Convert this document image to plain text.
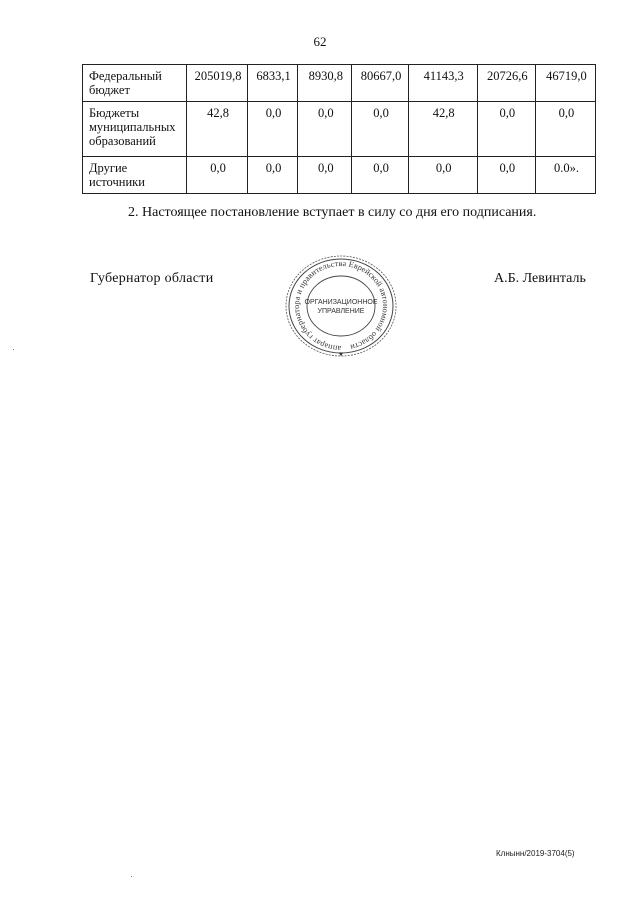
62
Федеральный бюджет	205019,8	6833,1	8930,8	80667,0	41143,3	20726,6	46719,0
Бюджеты муниципальных образований	42,8	0,0	0,0	0,0	42,8	0,0	0,0
Другие источники	0,0	0,0	0,0	0,0	0,0	0,0	0.0».
2. Настоящее постановление вступает в силу со дня его подписания.
Губернатор области	А.Б. Левинталь
аппарат губернатора и правительства Еврейской автономной области
ОРГАНИЗАЦИОННОЕ
УПРАВЛЕНИЕ
★
Клнынн/2019-3704(5)
